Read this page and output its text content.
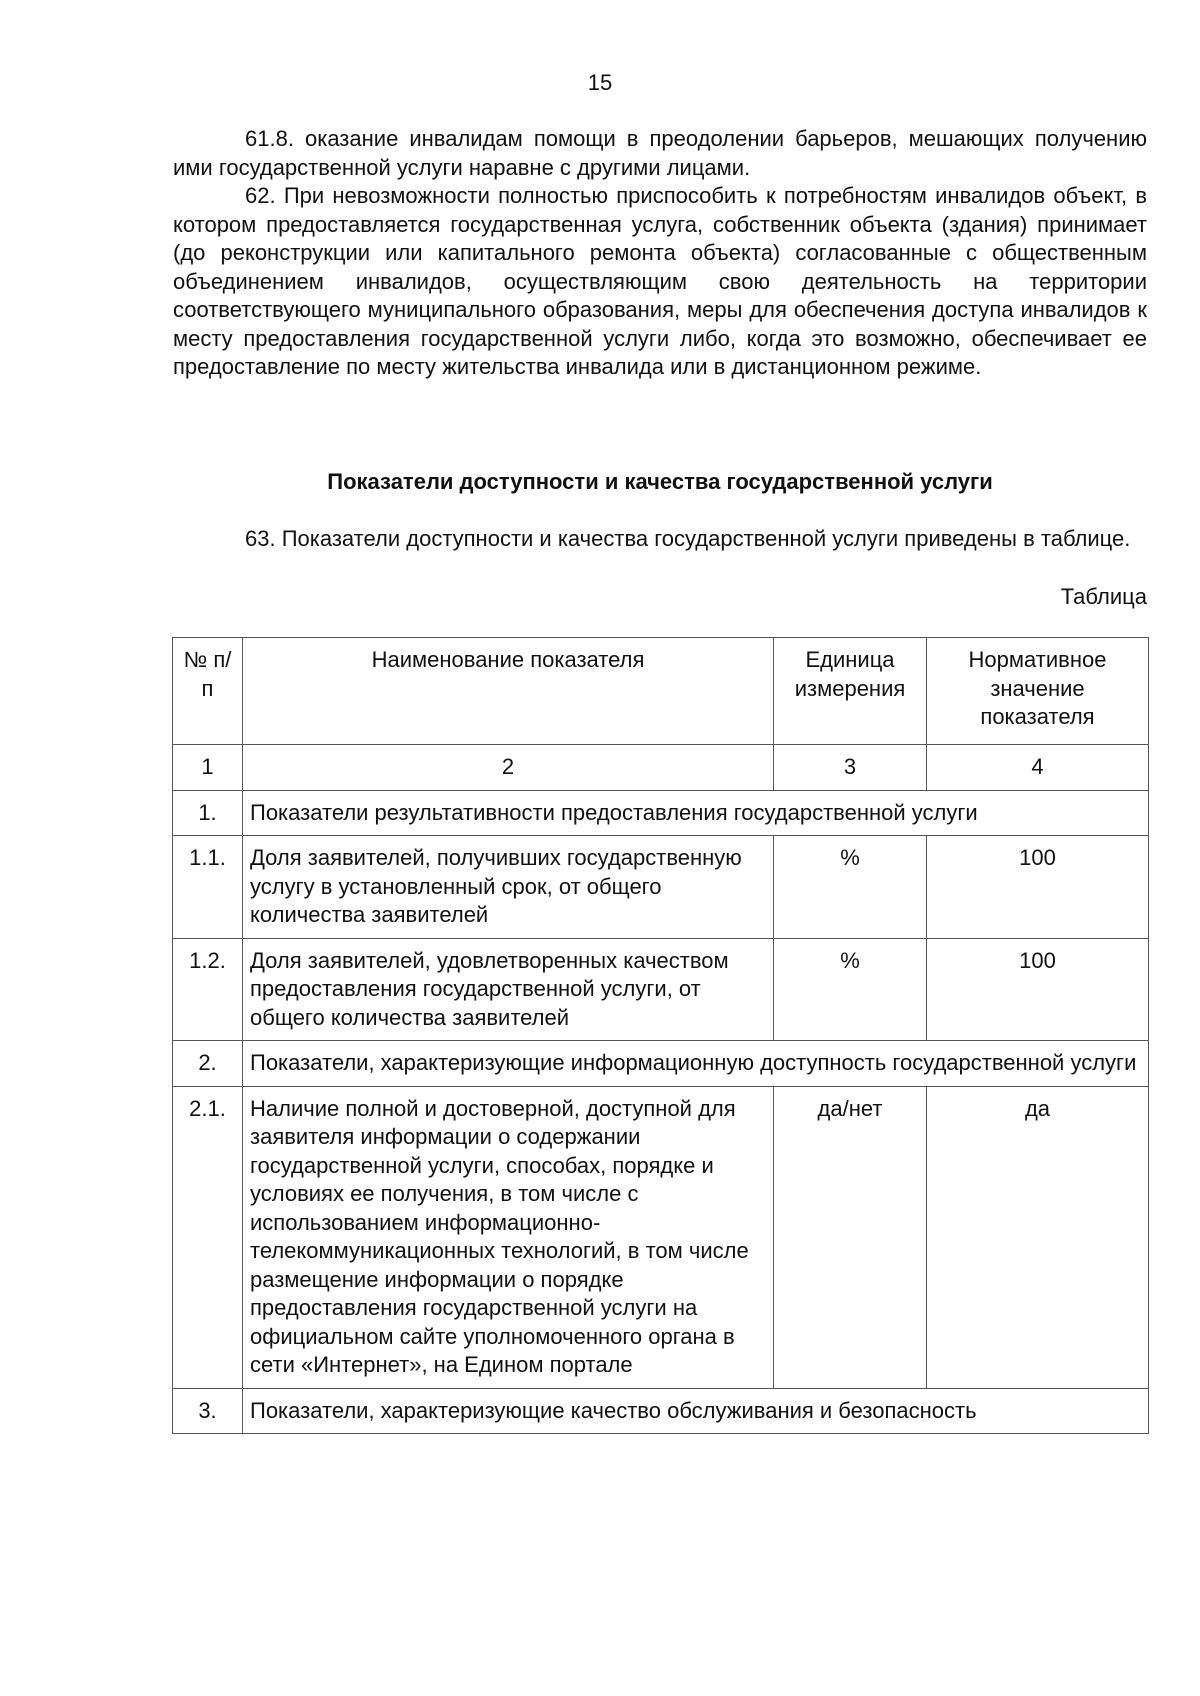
15

61.8. оказание инвалидам помощи в преодолении барьеров, мешающих получению ими государственной услуги наравне с другими лицами.

62. При невозможности полностью приспособить к потребностям инвалидов объект, в котором предоставляется государственная услуга, собственник объекта (здания) принимает (до реконструкции или капитального ремонта объекта) согласованные с общественным объединением инвалидов, осуществляющим свою деятельность на территории соответствующего муниципального образования, меры для обеспечения доступа инвалидов к месту предоставления государственной услуги либо, когда это возможно, обеспечивает ее предоставление по месту жительства инвалида или в дистанционном режиме.

Показатели доступности и качества государственной услуги

63. Показатели доступности и качества государственной услуги приведены в таблице.

Таблица
№ п/п	Наименование показателя	Единица измерения	Нормативное значение показателя
1	2	3	4
1.	Показатели результативности предоставления государственной услуги		
1.1.	Доля заявителей, получивших государственную услугу в установленный срок, от общего количества заявителей	%	100
1.2.	Доля заявителей, удовлетворенных качеством предоставления государственной услуги, от общего количества заявителей	%	100
2.	Показатели, характеризующие информационную доступность государственной услуги		
2.1.	Наличие полной и достоверной, доступной для заявителя информации о содержании государственной услуги, способах, порядке и условиях ее получения, в том числе с использованием информационно-телекоммуникационных технологий, в том числе размещение информации о порядке предоставления государственной услуги на официальном сайте уполномоченного органа в сети «Интернет», на Едином портале	да/нет	да
3.	Показатели, характеризующие качество обслуживания и безопасность		
